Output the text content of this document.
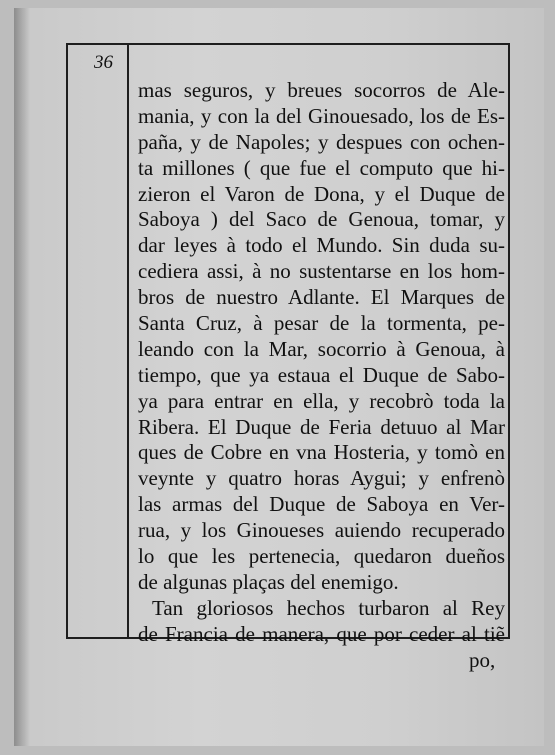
36
mas seguros, y breues socorros de Ale-
mania, y con la del Ginouesado, los de Es-
paña, y de Napoles; y despues con ochen-
ta millones ( que fue el computo que hi-
zieron el Varon de Dona, y el Duque de
Saboya ) del Saco de Genoua, tomar, y
dar leyes à todo el Mundo. Sin duda su-
cediera assi, à no sustentarse en los hom-
bros de nuestro Adlante. El Marques de
Santa Cruz, à pesar de la tormenta, pe-
leando con la Mar, socorrio à Genoua, à
tiempo, que ya estaua el Duque de Sabo-
ya para entrar en ella, y recobrò toda la
Ribera. El Duque de Feria detuuo al Mar
ques de Cobre en vna Hosteria, y tomò en
veynte y quatro horas Aygui; y enfrenò
las armas del Duque de Saboya en Ver-
rua, y los Ginoueses auiendo recuperado
lo que les pertenecia, quedaron dueños
de algunas plaças del enemigo.
Tan gloriosos hechos turbaron al Rey
de Francia de manera, que por ceder al tiẽ
po,
